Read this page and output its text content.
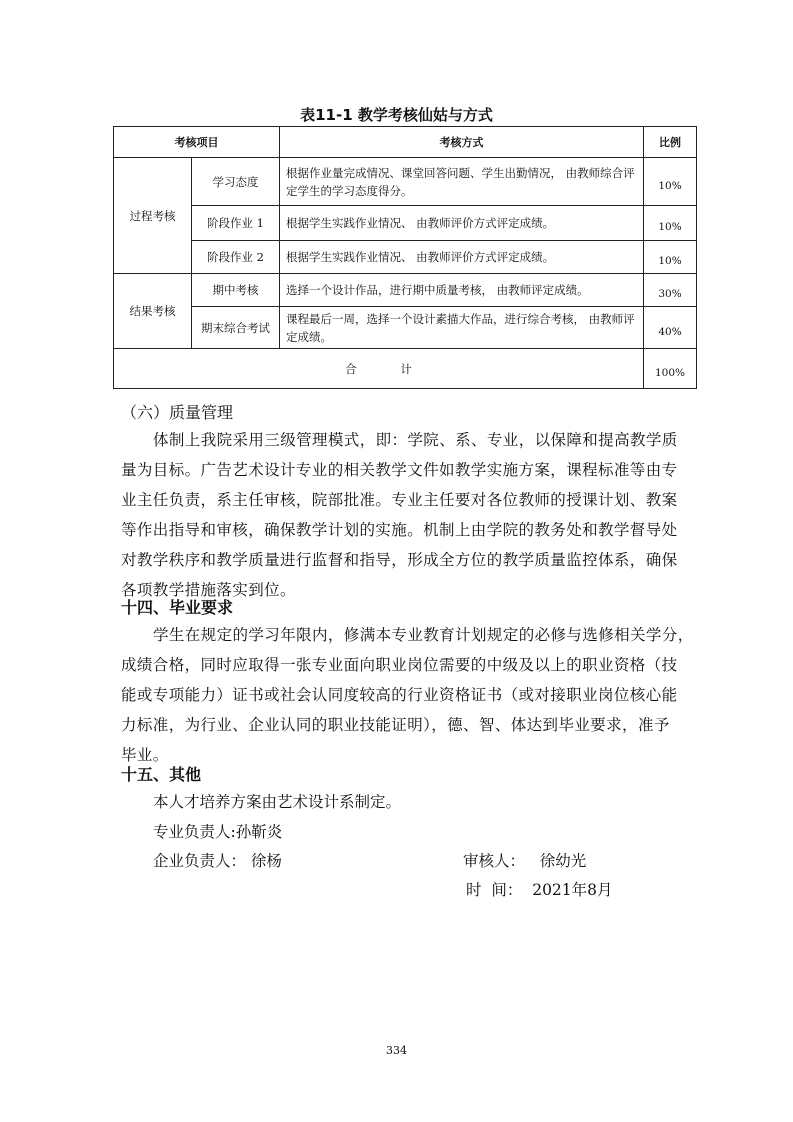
表11-1 教学考核仙姑与方式
考核项目		考核方式	比例
过程考核	学习态度	根据作业量完成情况、课堂回答问题、学生出勤情况， 由教师综合评定学生的学习态度得分。	10%
	阶段作业 1	根据学生实践作业情况、 由教师评价方式评定成绩。	10%
	阶段作业 2	根据学生实践作业情况、 由教师评价方式评定成绩。	10%
结果考核	期中考核	选择一个设计作品，进行期中质量考核， 由教师评定成绩。	30%
	期末综合考试	课程最后一周，选择一个设计素描大作品，进行综合考核， 由教师评定成绩。	40%
合            计			100%
（六）质量管理

体制上我院采用三级管理模式，即：学院、系、专业，以保障和提高教学质
量为目标。广告艺术设计专业的相关教学文件如教学实施方案，课程标准等由专
业主任负责，系主任审核，院部批准。专业主任要对各位教师的授课计划、教案
等作出指导和审核，确保教学计划的实施。机制上由学院的教务处和教学督导处
对教学秩序和教学质量进行监督和指导，形成全方位的教学质量监控体系，确保
各项教学措施落实到位。

十四、毕业要求

学生在规定的学习年限内，修满本专业教育计划规定的必修与选修相关学分，
成绩合格，同时应取得一张专业面向职业岗位需要的中级及以上的职业资格（技
能或专项能力）证书或社会认同度较高的行业资格证书（或对接职业岗位核心能
力标准，为行业、企业认同的职业技能证明），德、智、体达到毕业要求，准予
毕业。

十五、其他
本人才培养方案由艺术设计系制定。
专业负责人:孙靳炎
企业负责人： 徐杨	审核人：   徐幼光
时  间：  2021年8月
334
